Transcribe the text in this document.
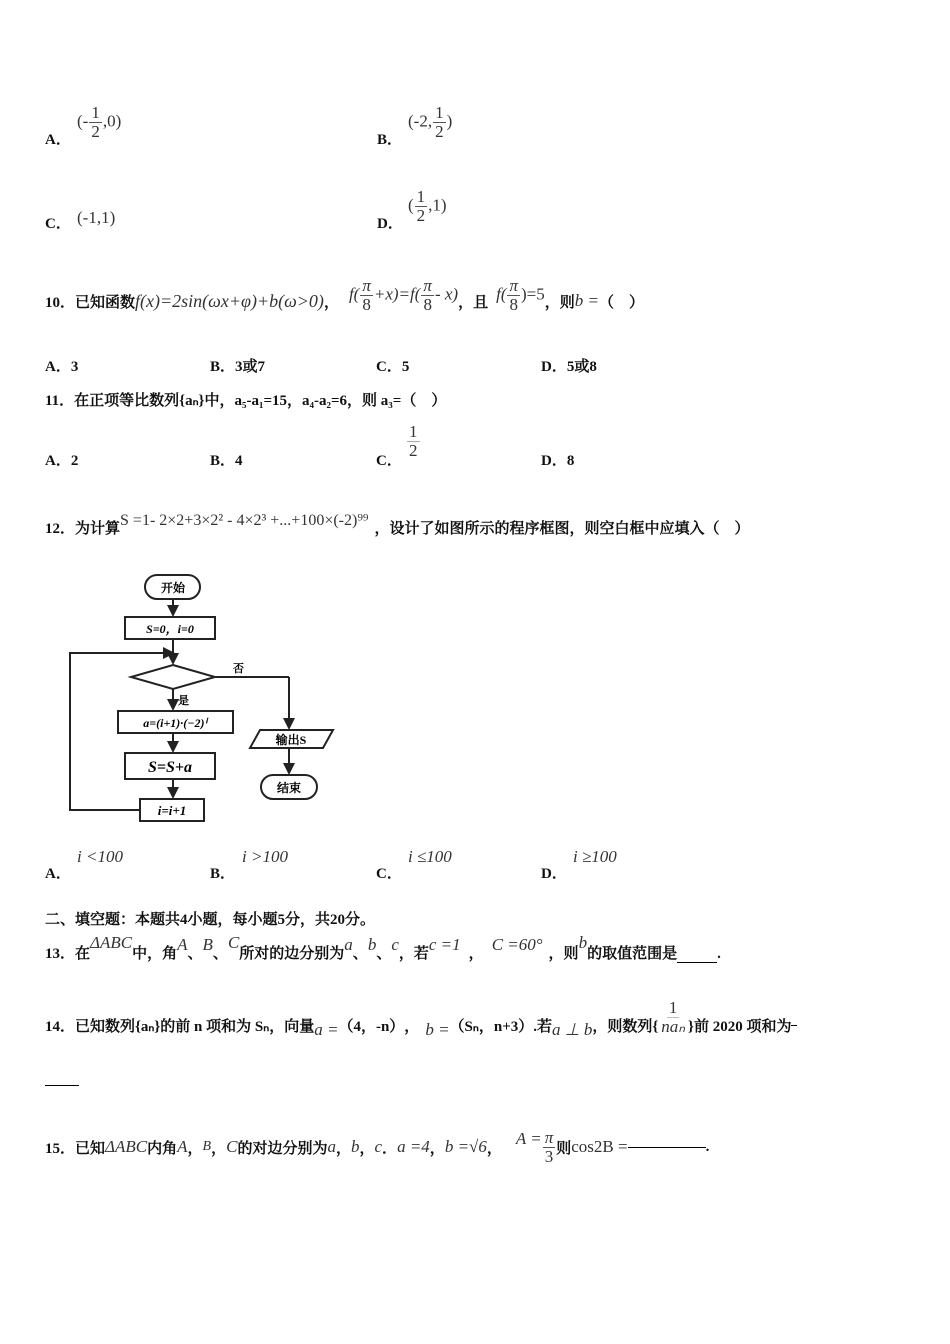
A．
(- $\frac{1}{2} ,0$)
B．
(-2, $\frac{1}{2}$ )
C． (-1,1)	D．
( $\frac{1}{2} ,1$)
10．已知函数 f(x)=2sin(ωx+φ)+b(ω>0) ， $f( \frac{\pi}{8} +x)=f( \frac{\pi}{8} - x)$ ，且 $f( \frac{\pi}{8} )=5$ ，则 b = （　）
A．3	B．3或7	C．5	D．5或8
11．在正项等比数列{aₙ}中，a₅-a₁=15，a₄-a₂=6，则 a₃=（　）
A．2	B．4	C．
$\frac{1}{2}$
D．8
12．为计算 S =1- 2×2+3×2² - 4×2³ +...+100×(-2)⁹⁹ ，设计了如图所示的程序框图，则空白框中应填入（　）
开始
S=0，i=0
否
是
a=(i+1)·(−2)ⁱ
S=S+a
i=i+1
输出S
结束
A．
i <100
B．
i >100
C．
i ≤100
D．
i ≥100
二、填空题：本题共4小题，每小题5分，共20分。
13．在
ΔABC
中，角 A 、 B 、
C
所对的边分别为 a 、 b 、 c ，若 c =1 ， C =60° ，则
b
的取值范围是	.
14．已知数列{aₙ}的前 n 项和为 Sₙ，向量 a = （4，-n） ， b = （Sₙ，n+3） .若 a ⊥ b ，则数列{ $\frac{1}{\text{naₙ}}$ }前 2020 项和为
15．已知 ΔABC 内角 A ， B ， C 的对边分别为 a ， b ， c ． a =4 ， b =√6 ，
$A = \frac{\pi}{3}$ 则 cos2B =	.
